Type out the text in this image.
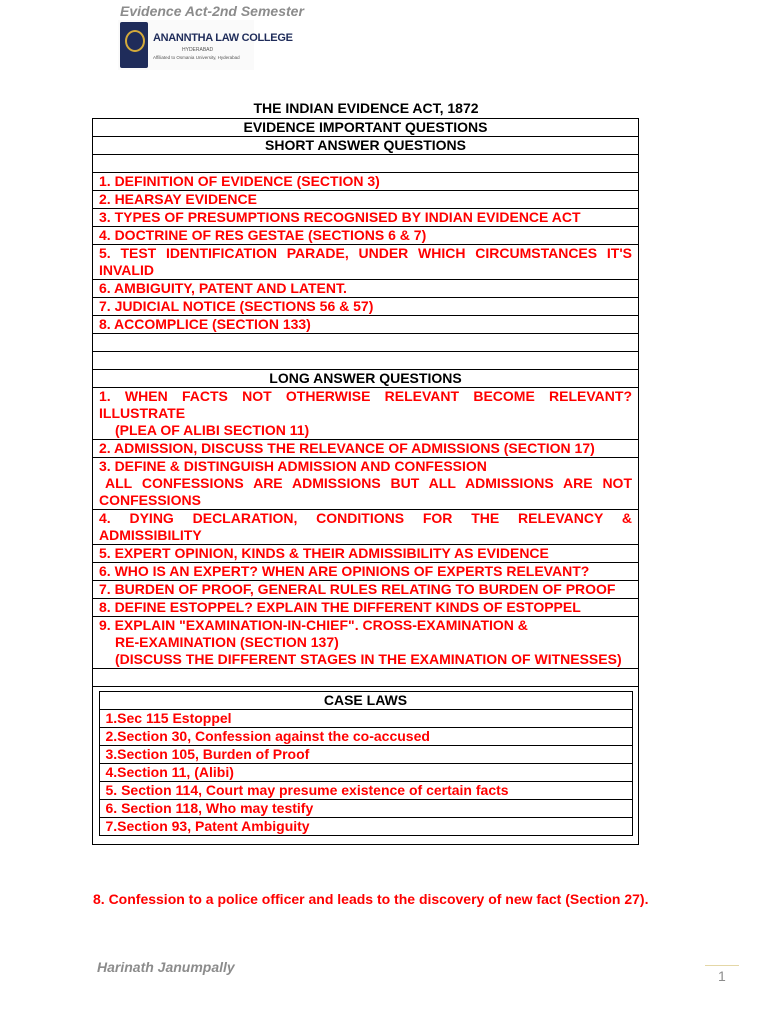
Evidence Act-2nd Semester
ANANNTHA LAW COLLEGE
HYDERABAD
Affiliated to Osmania University, Hyderabad
THE INDIAN EVIDENCE ACT, 1872
EVIDENCE IMPORTANT QUESTIONS
SHORT ANSWER QUESTIONS

1. DEFINITION OF EVIDENCE (SECTION 3)
2. HEARSAY EVIDENCE
3. TYPES OF PRESUMPTIONS RECOGNISED BY INDIAN EVIDENCE ACT
4. DOCTRINE OF RES GESTAE (SECTIONS 6 & 7)
5. TEST IDENTIFICATION PARADE, UNDER WHICH CIRCUMSTANCES IT'S INVALID
6. AMBIGUITY, PATENT AND LATENT.
7. JUDICIAL NOTICE (SECTIONS 56 & 57)
8. ACCOMPLICE (SECTION 133)

LONG ANSWER QUESTIONS

1. WHEN FACTS NOT OTHERWISE RELEVANT BECOME RELEVANT? ILLUSTRATE
(PLEA OF ALIBI SECTION 11)

2. ADMISSION, DISCUSS THE RELEVANCE OF ADMISSIONS (SECTION 17)

3. DEFINE & DISTINGUISH ADMISSION AND CONFESSION
ALL CONFESSIONS ARE ADMISSIONS BUT ALL ADMISSIONS ARE NOT CONFESSIONS

4. DYING DECLARATION, CONDITIONS FOR THE RELEVANCY & ADMISSIBILITY
5. EXPERT OPINION, KINDS & THEIR ADMISSIBILITY AS EVIDENCE
6. WHO IS AN EXPERT? WHEN ARE OPINIONS OF EXPERTS RELEVANT?
7. BURDEN OF PROOF, GENERAL RULES RELATING TO BURDEN OF PROOF
8. DEFINE ESTOPPEL? EXPLAIN THE DIFFERENT KINDS OF ESTOPPEL

9. EXPLAIN "EXAMINATION-IN-CHIEF". CROSS-EXAMINATION &
RE-EXAMINATION (SECTION 137)
(DISCUSS THE DIFFERENT STAGES IN THE EXAMINATION OF WITNESSES)

CASE LAWS
1.Sec 115 Estoppel
2.Section 30, Confession against the co-accused
3.Section 105, Burden of Proof
4.Section 11, (Alibi)
5. Section 114, Court may presume existence of certain facts
6. Section 118, Who may testify
7.Section 93, Patent Ambiguity
8. Confession to a police officer and leads to the discovery of new fact (Section 27).
Harinath Janumpally
1
